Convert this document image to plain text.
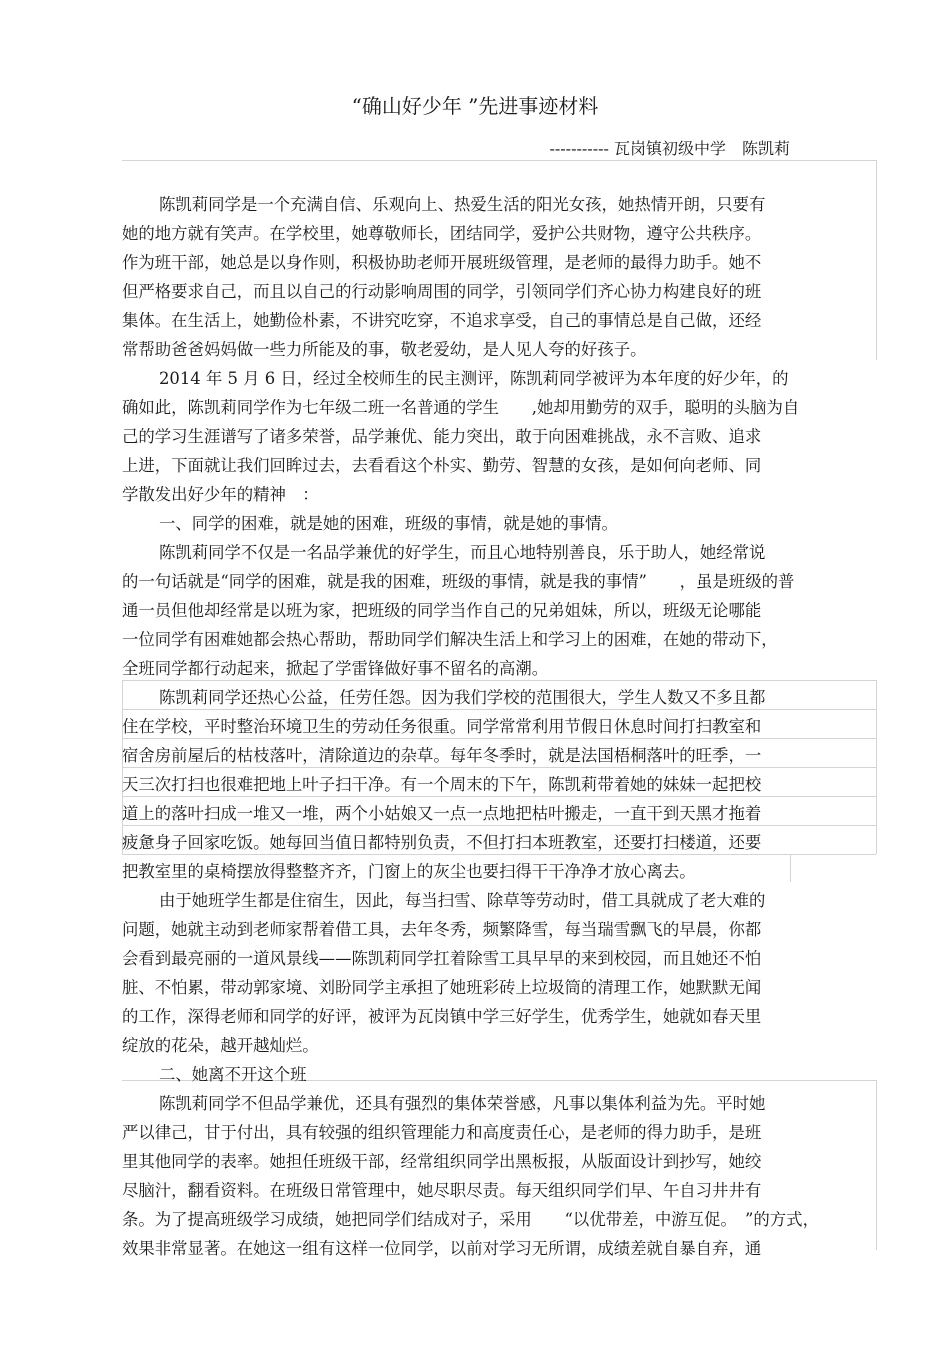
“确山好少年 ”先进事迹材料
----------- 瓦岗镇初级中学　陈凯莉
陈凯莉同学是一个充满自信、乐观向上、热爱生活的阳光女孩，她热情开朗，只要有
她的地方就有笑声。在学校里，她尊敬师长，团结同学，爱护公共财物，遵守公共秩序。
作为班干部，她总是以身作则，积极协助老师开展班级管理，是老师的最得力助手。她不
但严格要求自己，而且以自己的行动影响周围的同学，引领同学们齐心协力构建良好的班
集体。在生活上，她勤俭朴素，不讲究吃穿，不追求享受，自己的事情总是自己做，还经
常帮助爸爸妈妈做一些力所能及的事，敬老爱幼，是人见人夸的好孩子。
2014 年 5 月 6 日，经过全校师生的民主测评，陈凯莉同学被评为本年度的好少年，的
确如此，陈凯莉同学作为七年级二班一名普通的学生　　,她却用勤劳的双手，聪明的头脑为自
己的学习生涯谱写了诸多荣誉，品学兼优、能力突出，敢于向困难挑战，永不言败、追求
上进，下面就让我们回眸过去，去看看这个朴实、勤劳、智慧的女孩，是如何向老师、同
学散发出好少年的精神　：
一、同学的困难，就是她的困难，班级的事情，就是她的事情。
陈凯莉同学不仅是一名品学兼优的好学生，而且心地特别善良，乐于助人，她经常说
的一句话就是“同学的困难，就是我的困难，班级的事情，就是我的事情”　　，虽是班级的普
通一员但他却经常是以班为家，把班级的同学当作自己的兄弟姐妹，所以，班级无论哪能
一位同学有困难她都会热心帮助，帮助同学们解决生活上和学习上的困难，在她的带动下，
全班同学都行动起来，掀起了学雷锋做好事不留名的高潮。
陈凯莉同学还热心公益，任劳任怨。因为我们学校的范围很大，学生人数又不多且都
住在学校，平时整治环境卫生的劳动任务很重。同学常常利用节假日休息时间打扫教室和
宿舍房前屋后的枯枝落叶，清除道边的杂草。每年冬季时，就是法国梧桐落叶的旺季，一
天三次打扫也很难把地上叶子扫干净。有一个周末的下午，陈凯莉带着她的妹妹一起把校
道上的落叶扫成一堆又一堆，两个小姑娘又一点一点地把枯叶搬走，一直干到天黑才拖着
疲惫身子回家吃饭。她每回当值日都特别负责，不但打扫本班教室，还要打扫楼道，还要
把教室里的桌椅摆放得整整齐齐，门窗上的灰尘也要扫得干干净净才放心离去。
由于她班学生都是住宿生，因此，每当扫雪、除草等劳动时，借工具就成了老大难的
问题，她就主动到老师家帮着借工具，去年冬秀，频繁降雪，每当瑞雪飘飞的早晨，你都
会看到最亮丽的一道风景线——陈凯莉同学扛着除雪工具早早的来到校园，而且她还不怕
脏、不怕累，带动郭家境、刘盼同学主承担了她班彩砖上垃圾筒的清理工作，她默默无闻
的工作，深得老师和同学的好评，被评为瓦岗镇中学三好学生，优秀学生，她就如春天里
绽放的花朵，越开越灿烂。
二、她离不开这个班
陈凯莉同学不但品学兼优，还具有强烈的集体荣誉感，凡事以集体利益为先。平时她
严以律己，甘于付出，具有较强的组织管理能力和高度责任心，是老师的得力助手，是班
里其他同学的表率。她担任班级干部，经常组织同学出黑板报，从版面设计到抄写，她绞
尽脑汁，翻看资料。在班级日常管理中，她尽职尽责。每天组织同学们早、午自习井井有
条。为了提高班级学习成绩，她把同学们结成对子，采用　　“以优带差，中游互促。　”的方式，
效果非常显著。在她这一组有这样一位同学，以前对学习无所谓，成绩差就自暴自弃，通
